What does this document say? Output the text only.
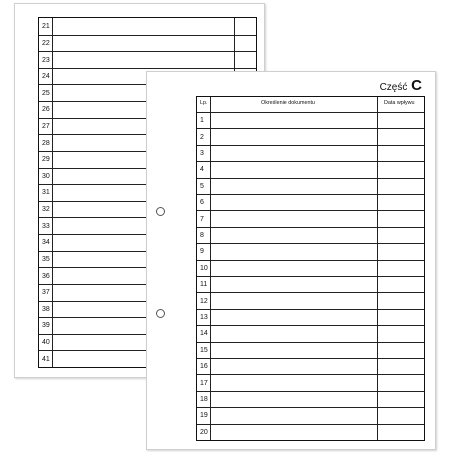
21
22
23
24
25
26
27
28
29
30
31
32
33
34
35
36
37
38
39
40
41
Część C
Lp.	Określenie dokumentu	Data wpływu
1
2
3
4
5
6
7
8
9
10
11
12
13
14
15
16
17
18
19
20
